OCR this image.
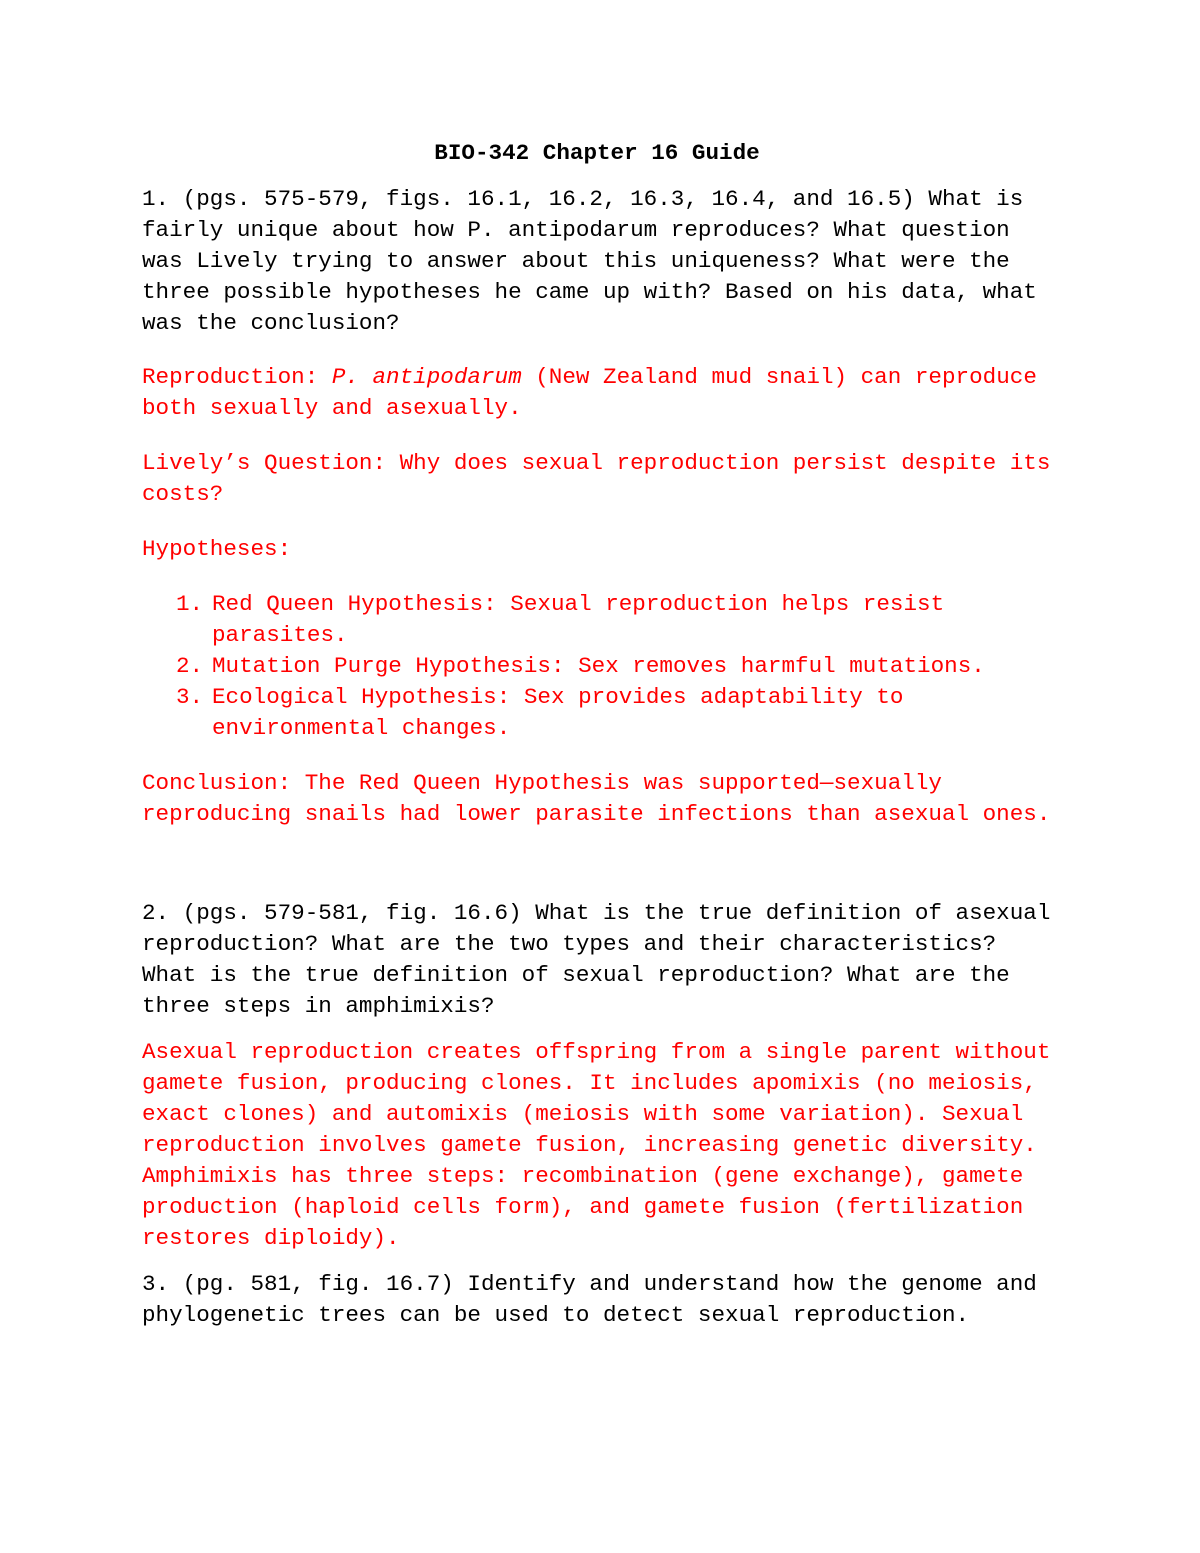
BIO-342 Chapter 16 Guide

1. (pgs. 575-579, figs. 16.1, 16.2, 16.3, 16.4, and 16.5) What is fairly unique about how P. antipodarum reproduces? What question was Lively trying to answer about this uniqueness? What were the three possible hypotheses he came up with? Based on his data, what was the conclusion?

Reproduction: P. antipodarum (New Zealand mud snail) can reproduce both sexually and asexually.

Lively’s Question: Why does sexual reproduction persist despite its costs?

Hypotheses:

1. Red Queen Hypothesis: Sexual reproduction helps resist parasites.
2. Mutation Purge Hypothesis: Sex removes harmful mutations.
3. Ecological Hypothesis: Sex provides adaptability to environmental changes.

Conclusion: The Red Queen Hypothesis was supported—sexually reproducing snails had lower parasite infections than asexual ones.

2. (pgs. 579-581, fig. 16.6) What is the true definition of asexual reproduction? What are the two types and their characteristics? What is the true definition of sexual reproduction? What are the three steps in amphimixis?

Asexual reproduction creates offspring from a single parent without gamete fusion, producing clones. It includes apomixis (no meiosis, exact clones) and automixis (meiosis with some variation). Sexual reproduction involves gamete fusion, increasing genetic diversity. Amphimixis has three steps: recombination (gene exchange), gamete production (haploid cells form), and gamete fusion (fertilization restores diploidy).

3. (pg. 581, fig. 16.7) Identify and understand how the genome and phylogenetic trees can be used to detect sexual reproduction.
